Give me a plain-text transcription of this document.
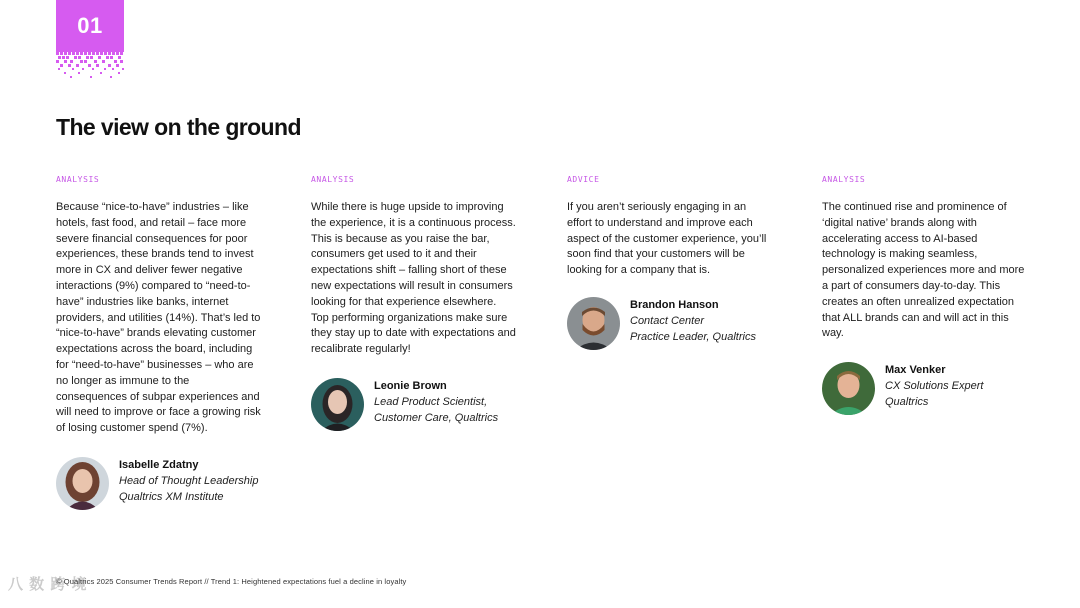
01
The view on the ground
ANALYSIS

Because “nice-to-have” industries – like hotels, fast food, and retail – face more severe financial consequences for poor experiences, these brands tend to invest more in CX and deliver fewer negative interactions (9%) compared to “need-to-have” industries like banks, internet providers, and utilities (14%). That’s led to “nice-to-have” brands elevating customer expectations across the board, including for “need-to-have” businesses – who are no longer as immune to the consequences of subpar experiences and will need to improve or face a growing risk of losing customer spend (7%).

Isabelle Zdatny
Head of Thought Leadership
Qualtrics XM Institute
ANALYSIS

While there is huge upside to improving the experience, it is a continuous process. This is because as you raise the bar, consumers get used to it and their expectations shift – falling short of these new expectations will result in consumers looking for that experience elsewhere. Top performing organizations make sure they stay up to date with expectations and recalibrate regularly!

Leonie Brown
Lead Product Scientist,
Customer Care, Qualtrics
ADVICE

If you aren’t seriously engaging in an effort to understand and improve each aspect of the customer experience, you’ll soon find that your customers will be looking for a company that is.

Brandon Hanson
Contact Center
Practice Leader, Qualtrics
ANALYSIS

The continued rise and prominence of ‘digital native’ brands along with accelerating access to AI-based technology is making seamless, personalized experiences more and more a part of consumers day-to-day. This creates an often unrealized expectation that ALL brands can and will act in this way.

Max Venker
CX Solutions Expert
Qualtrics
八 数 跨 境
© Qualtrics 2025 Consumer Trends Report // Trend 1: Heightened expectations fuel a decline in loyalty
